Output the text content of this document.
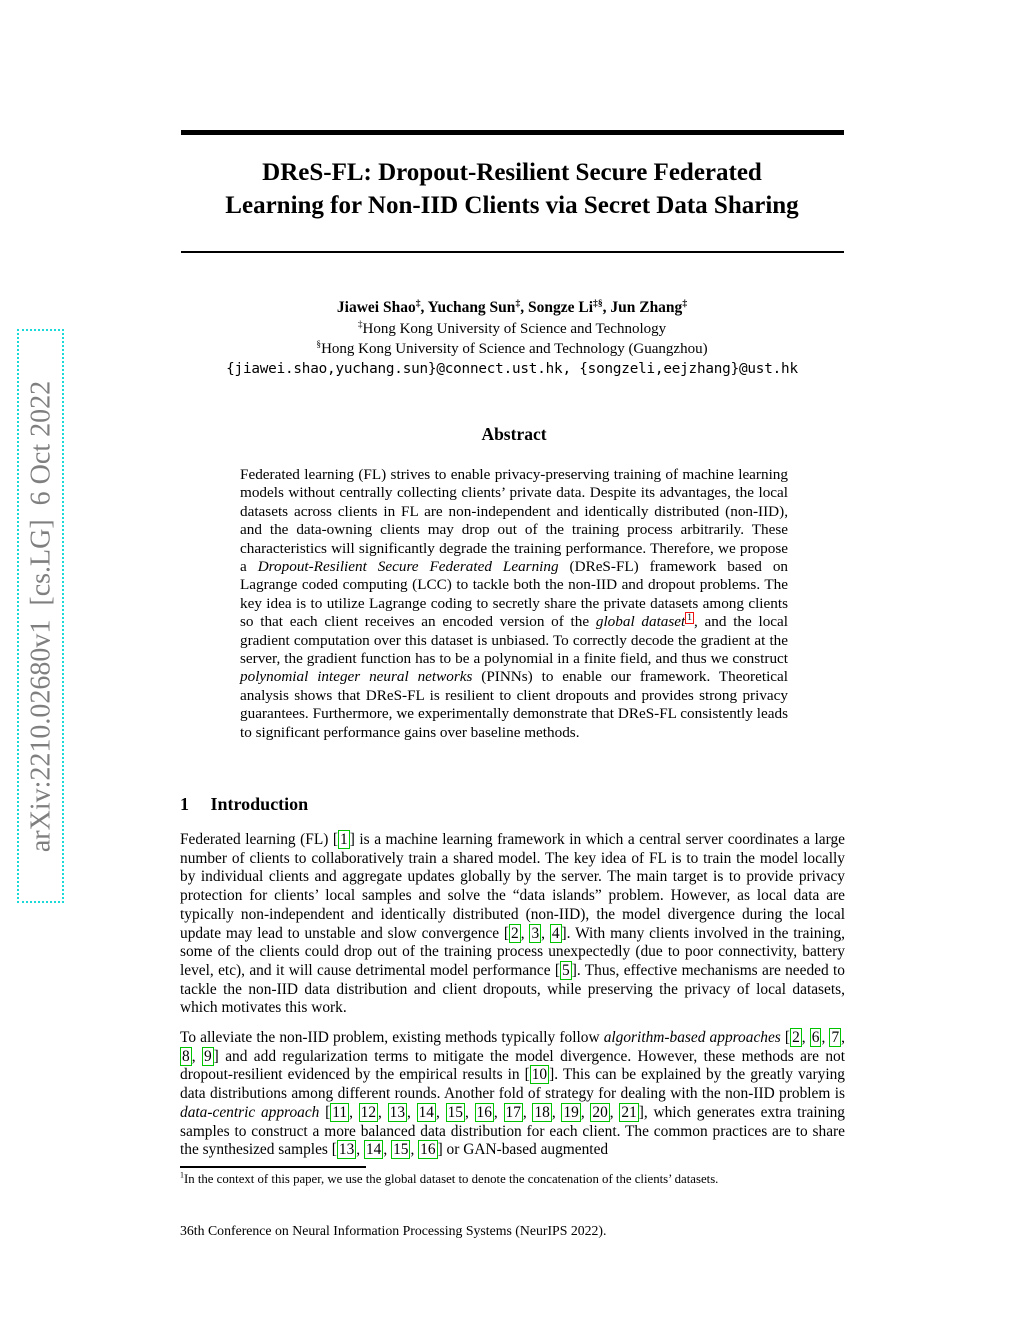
arXiv:2210.02680v1  [cs.LG]  6 Oct 2022
DReS-FL: Dropout-Resilient Secure Federated
Learning for Non-IID Clients via Secret Data Sharing
Jiawei Shao‡, Yuchang Sun‡, Songze Li‡§, Jun Zhang‡
‡Hong Kong University of Science and Technology
§Hong Kong University of Science and Technology (Guangzhou)
{jiawei.shao,yuchang.sun}@connect.ust.hk, {songzeli,eejzhang}@ust.hk
Abstract
Federated learning (FL) strives to enable privacy-preserving training of machine learning models without centrally collecting clients’ private data. Despite its advantages, the local datasets across clients in FL are non-independent and identically distributed (non-IID), and the data-owning clients may drop out of the training process arbitrarily. These characteristics will significantly degrade the training performance. Therefore, we propose a Dropout-Resilient Secure Federated Learning (DReS-FL) framework based on Lagrange coded computing (LCC) to tackle both the non-IID and dropout problems. The key idea is to utilize Lagrange coding to secretly share the private datasets among clients so that each client receives an encoded version of the global dataset $^1$ , and the local gradient computation over this dataset is unbiased. To correctly decode the gradient at the server, the gradient function has to be a polynomial in a finite field, and thus we construct polynomial integer neural networks (PINNs) to enable our framework. Theoretical analysis shows that DReS-FL is resilient to client dropouts and provides strong privacy guarantees. Furthermore, we experimentally demonstrate that DReS-FL consistently leads to significant performance gains over baseline methods.
1 Introduction
Federated learning (FL) [ 1 ] is a machine learning framework in which a central server coordinates a large number of clients to collaboratively train a shared model. The key idea of FL is to train the model locally by individual clients and aggregate updates globally by the server. The main target is to provide privacy protection for clients’ local samples and solve the “data islands” problem. However, as local data are typically non-independent and identically distributed (non-IID), the model divergence during the local update may lead to unstable and slow convergence [ 2 , 3 , 4 ]. With many clients involved in the training, some of the clients could drop out of the training process unexpectedly (due to poor connectivity, battery level, etc), and it will cause detrimental model performance [ 5 ]. Thus, effective mechanisms are needed to tackle the non-IID data distribution and client dropouts, while preserving the privacy of local datasets, which motivates this work.
To alleviate the non-IID problem, existing methods typically follow algorithm-based approaches [ 2 , 6 , 7 , 8 , 9 ] and add regularization terms to mitigate the model divergence. However, these methods are not dropout-resilient evidenced by the empirical results in [ 10 ]. This can be explained by the greatly varying data distributions among different rounds. Another fold of strategy for dealing with the non-IID problem is data-centric approach [ 11 , 12 , 13 , 14 , 15 , 16 , 17 , 18 , 19 , 20 , 21 ], which generates extra training samples to construct a more balanced data distribution for each client. The common practices are to share the synthesized samples [ 13 , 14 , 15 , 16 ] or GAN-based augmented
$^1$In the context of this paper, we use the global dataset to denote the concatenation of the clients’ datasets.
36th Conference on Neural Information Processing Systems (NeurIPS 2022).
